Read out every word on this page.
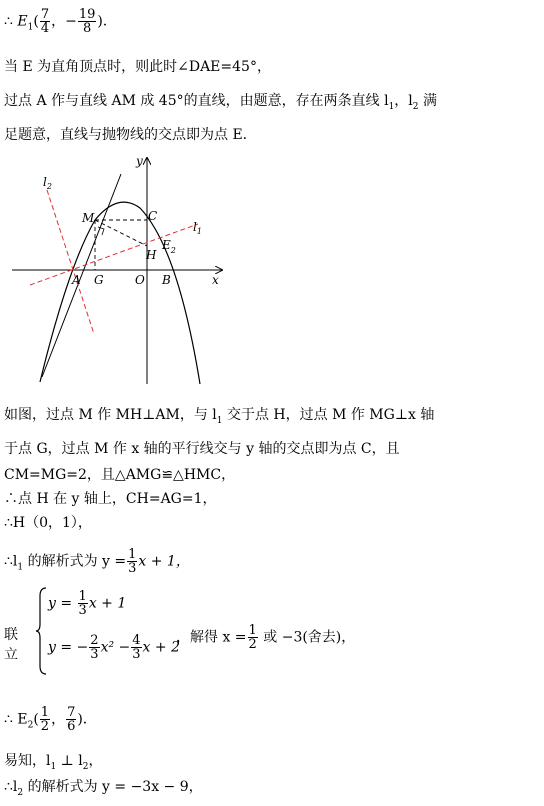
∴ $E_1( \frac{7}{4}$ ，− $\frac{19}{8}$ )．
当 E 为直角顶点时，则此时∠DAE=45°，
过点 A 作与直线 AM 成 45°的直线，由题意，存在两条直线 $l_1$，$l_2$ 满
足题意，直线与抛物线的交点即为点 E．
y
x
$l_2$
$l_1$
M	C
H
$E_2$
A G	O B
如图，过点 M 作 MH⊥AM，与 $l_1$ 交于点 H，过点 M 作 MG⊥x 轴
于点 G，过点 M 作 x 轴的平行线交与 y 轴的交点即为点 C，且
CM=MG=2，且△AMG≌△HMC，
∴点 H 在 y 轴上，CH=AG=1，
∴H（0，1），
$\therefore l_1$ 的解析式为 $y = \frac{1}{3}$ x + 1，
联立
$y = \frac{1}{3}$ x + 1
y = − $\frac{2}{3} x^2 - \frac{4}{3}$ x + 2
，解得 $x = \frac{1}{2}$ 或 −3(舍去)，
∴ $E_2( \frac{1}{2}$ ， $\frac{7}{6}$ )．
易知，$l_1$ ⊥ $l_2$，
$\therefore l_2$ 的解析式为 y = −3x − 9，
